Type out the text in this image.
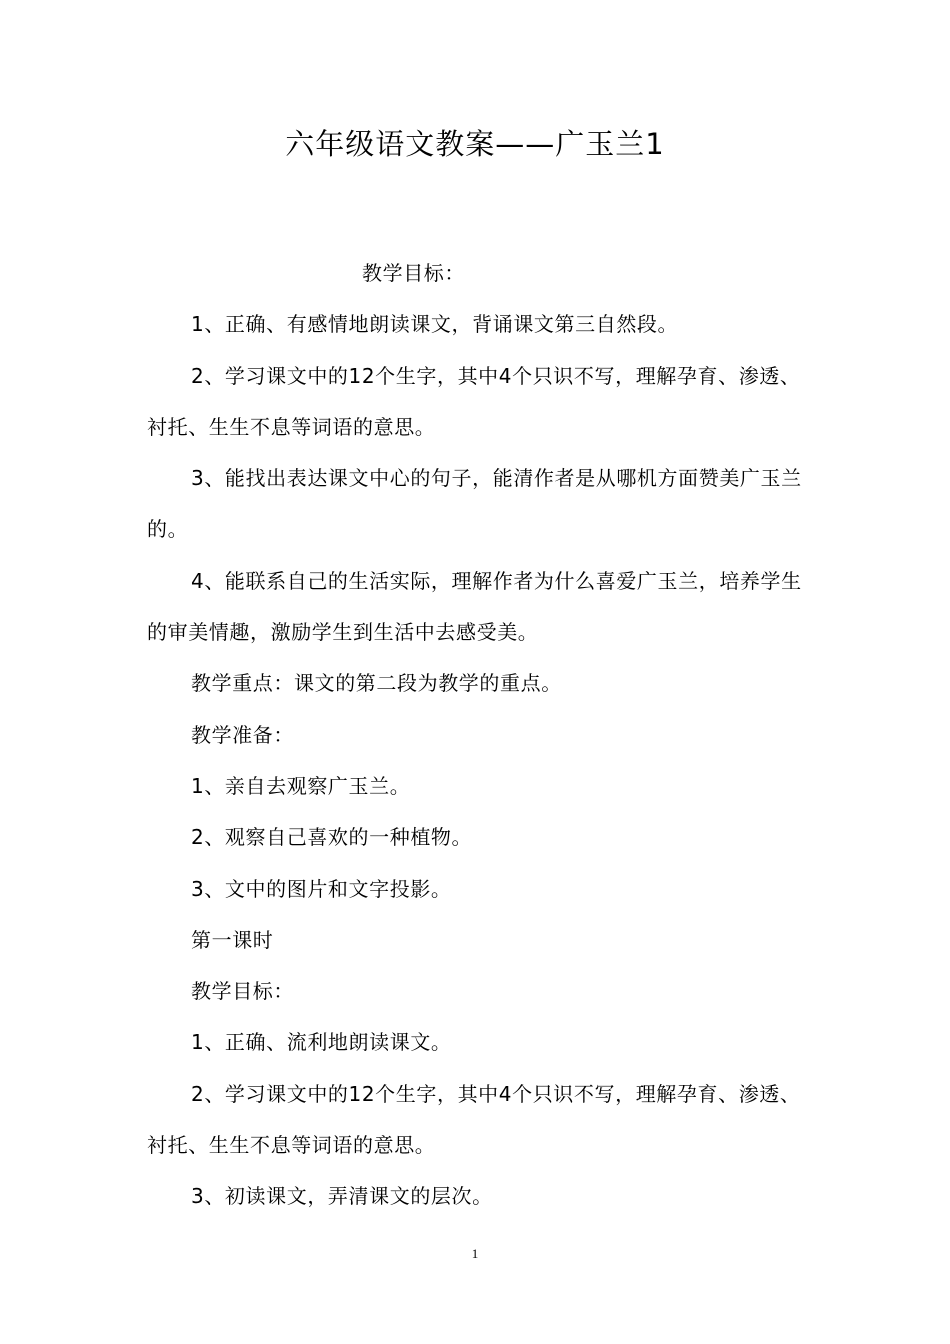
六年级语文教案——广玉兰1

教学目标：

1、正确、有感情地朗读课文，背诵课文第三自然段。

2、学习课文中的12个生字，其中4个只识不写，理解孕育、渗透、衬托、生生不息等词语的意思。

3、能找出表达课文中心的句子，能清作者是从哪机方面赞美广玉兰的。

4、能联系自己的生活实际，理解作者为什么喜爱广玉兰，培养学生的审美情趣，激励学生到生活中去感受美。

教学重点：课文的第二段为教学的重点。

教学准备：

1、亲自去观察广玉兰。

2、观察自己喜欢的一种植物。

3、文中的图片和文字投影。

第一课时

教学目标：

1、正确、流利地朗读课文。

2、学习课文中的12个生字，其中4个只识不写，理解孕育、渗透、衬托、生生不息等词语的意思。

3、初读课文，弄清课文的层次。

1
